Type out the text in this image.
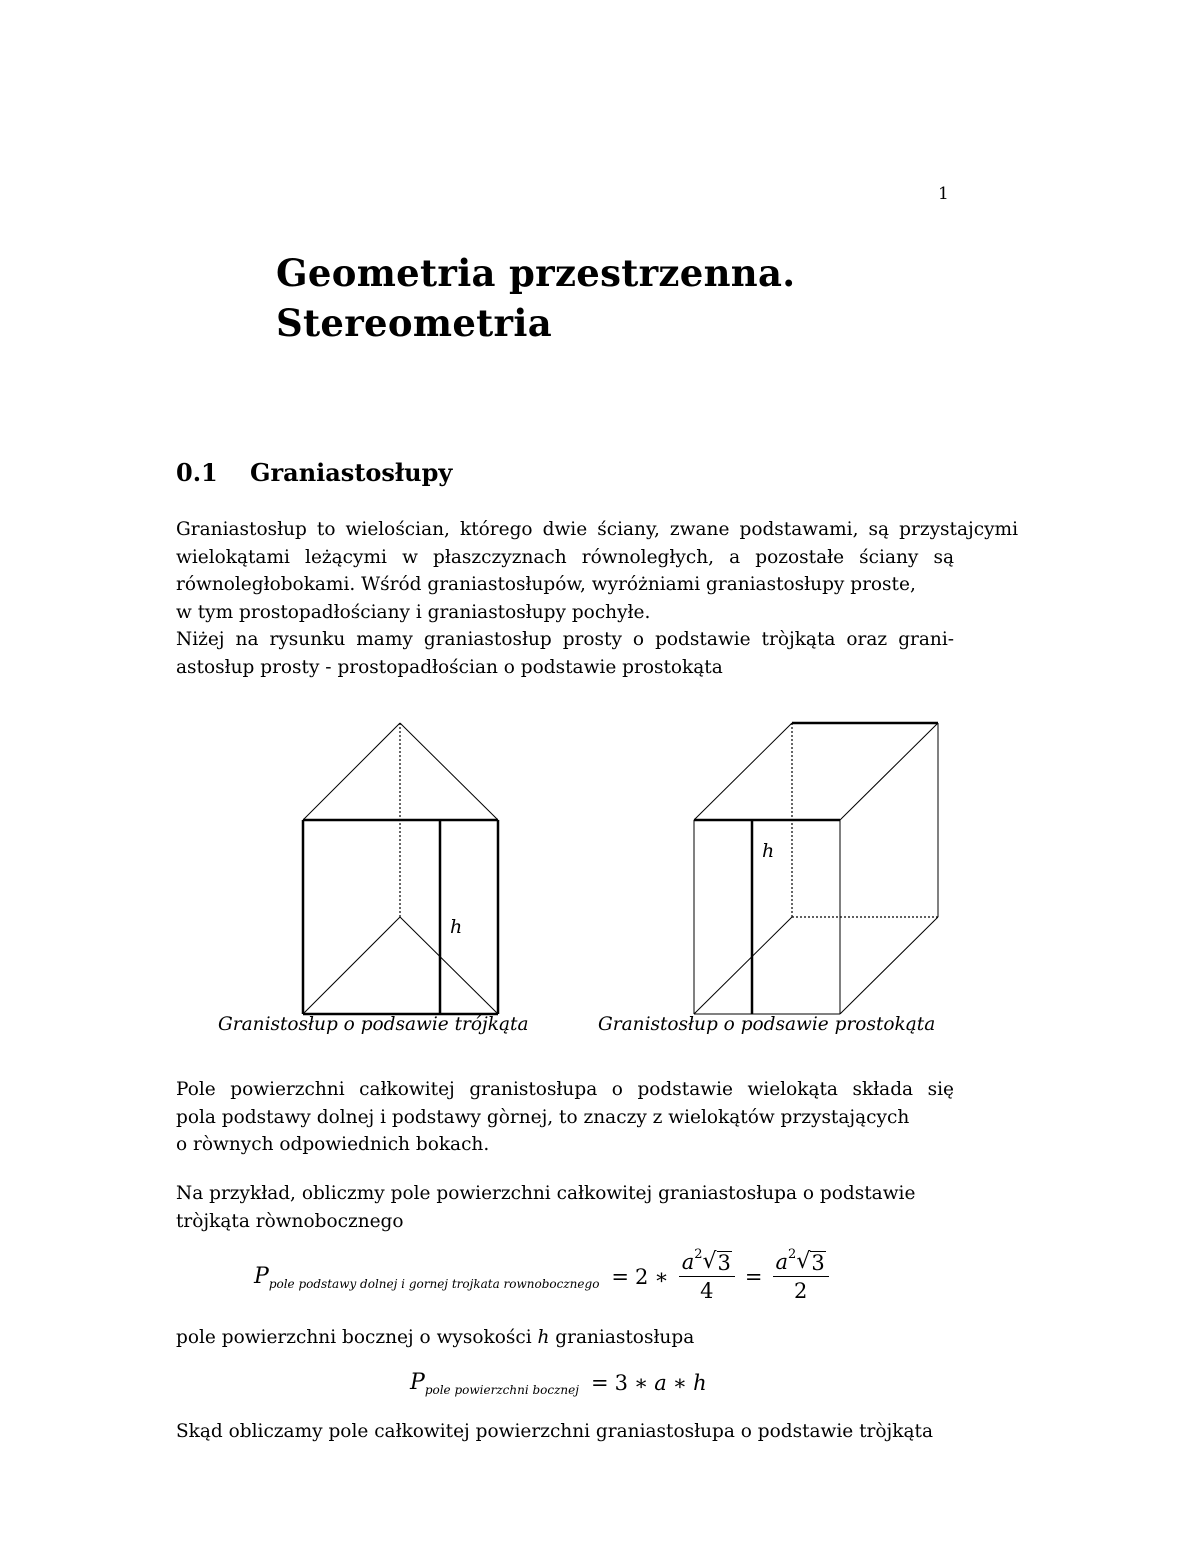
1
Geometria przestrzenna.
Stereometria
0.1 Graniastosłupy
Graniastosłup to wielościan, którego dwie ściany, zwane podstawami, są przystajcymi
wielokątami leżącymi w płaszczyznach równoległych, a pozostałe ściany są
równoległobokami. Wśród graniastosłupów, wyróżniami graniastosłupy proste,
w tym prostopadłościany i graniastosłupy pochyłe.
Niżej na rysunku mamy graniastosłup prosty o podstawie tròjkąta oraz grani-
astosłup prosty - prostopadłościan o podstawie prostokąta
h
h
Granistosłup o podsawie trójkąta	Granistosłup o podsawie prostokąta
Pole powierzchni całkowitej granistosłupa o podstawie wielokąta składa się
pola podstawy dolnej i podstawy gòrnej, to znaczy z wielokątów przystających
o ròwnych odpowiednich bokach.
Na przykład, obliczmy pole powierzchni całkowitej graniastosłupa o podstawie
tròjkąta ròwnobocznego
P pole podstawy dolnej i gornej trojkata rownobocznego = 2 ∗ $\frac{a 2 √ 3}{4} = \frac{a 2 √ 3}{2}$
pole powierzchni bocznej o wysokości h graniastosłupa
P pole powierzchni bocznej = 3 ∗ a ∗ h
Skąd obliczamy pole całkowitej powierzchni graniastosłupa o podstawie tròjkąta
